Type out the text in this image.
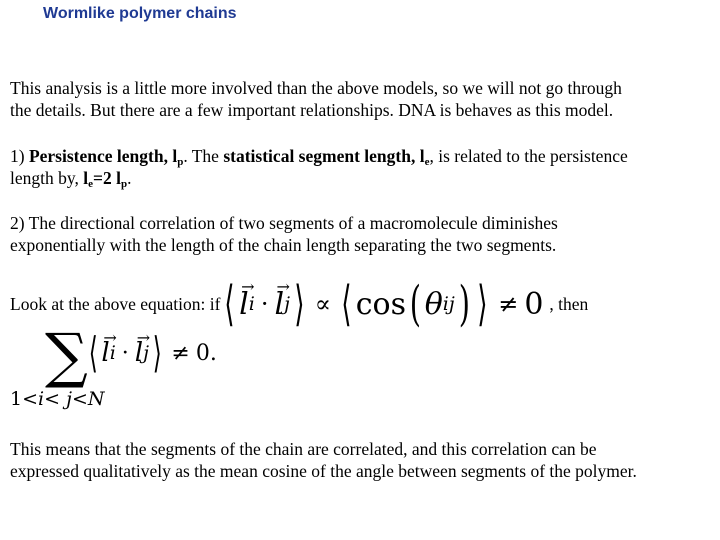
Wormlike polymer chains
This analysis is a little more involved than the above models, so we will not go through
the details. But there are a few important relationships. DNA is behaves as this model.
1) Persistence length, $l_p$. The statistical segment length, $l_e$, is related to the persistence
length by, $l_e=2$ $l_p$.
2) The directional correlation of two segments of a macromolecule diminishes
exponentially with the length of the chain length separating the two segments.
Look at the above equation: if ⟨ → l i · → l j ⟩ ∝ ⟨ cos ( θ ij ) ⟩ ≠ 0 , then
∑
1<i< j<N
⟨ → l i · → l j ⟩ ≠ 0.
This means that the segments of the chain are correlated, and this correlation can be
expressed qualitatively as the mean cosine of the angle between segments of the polymer.
